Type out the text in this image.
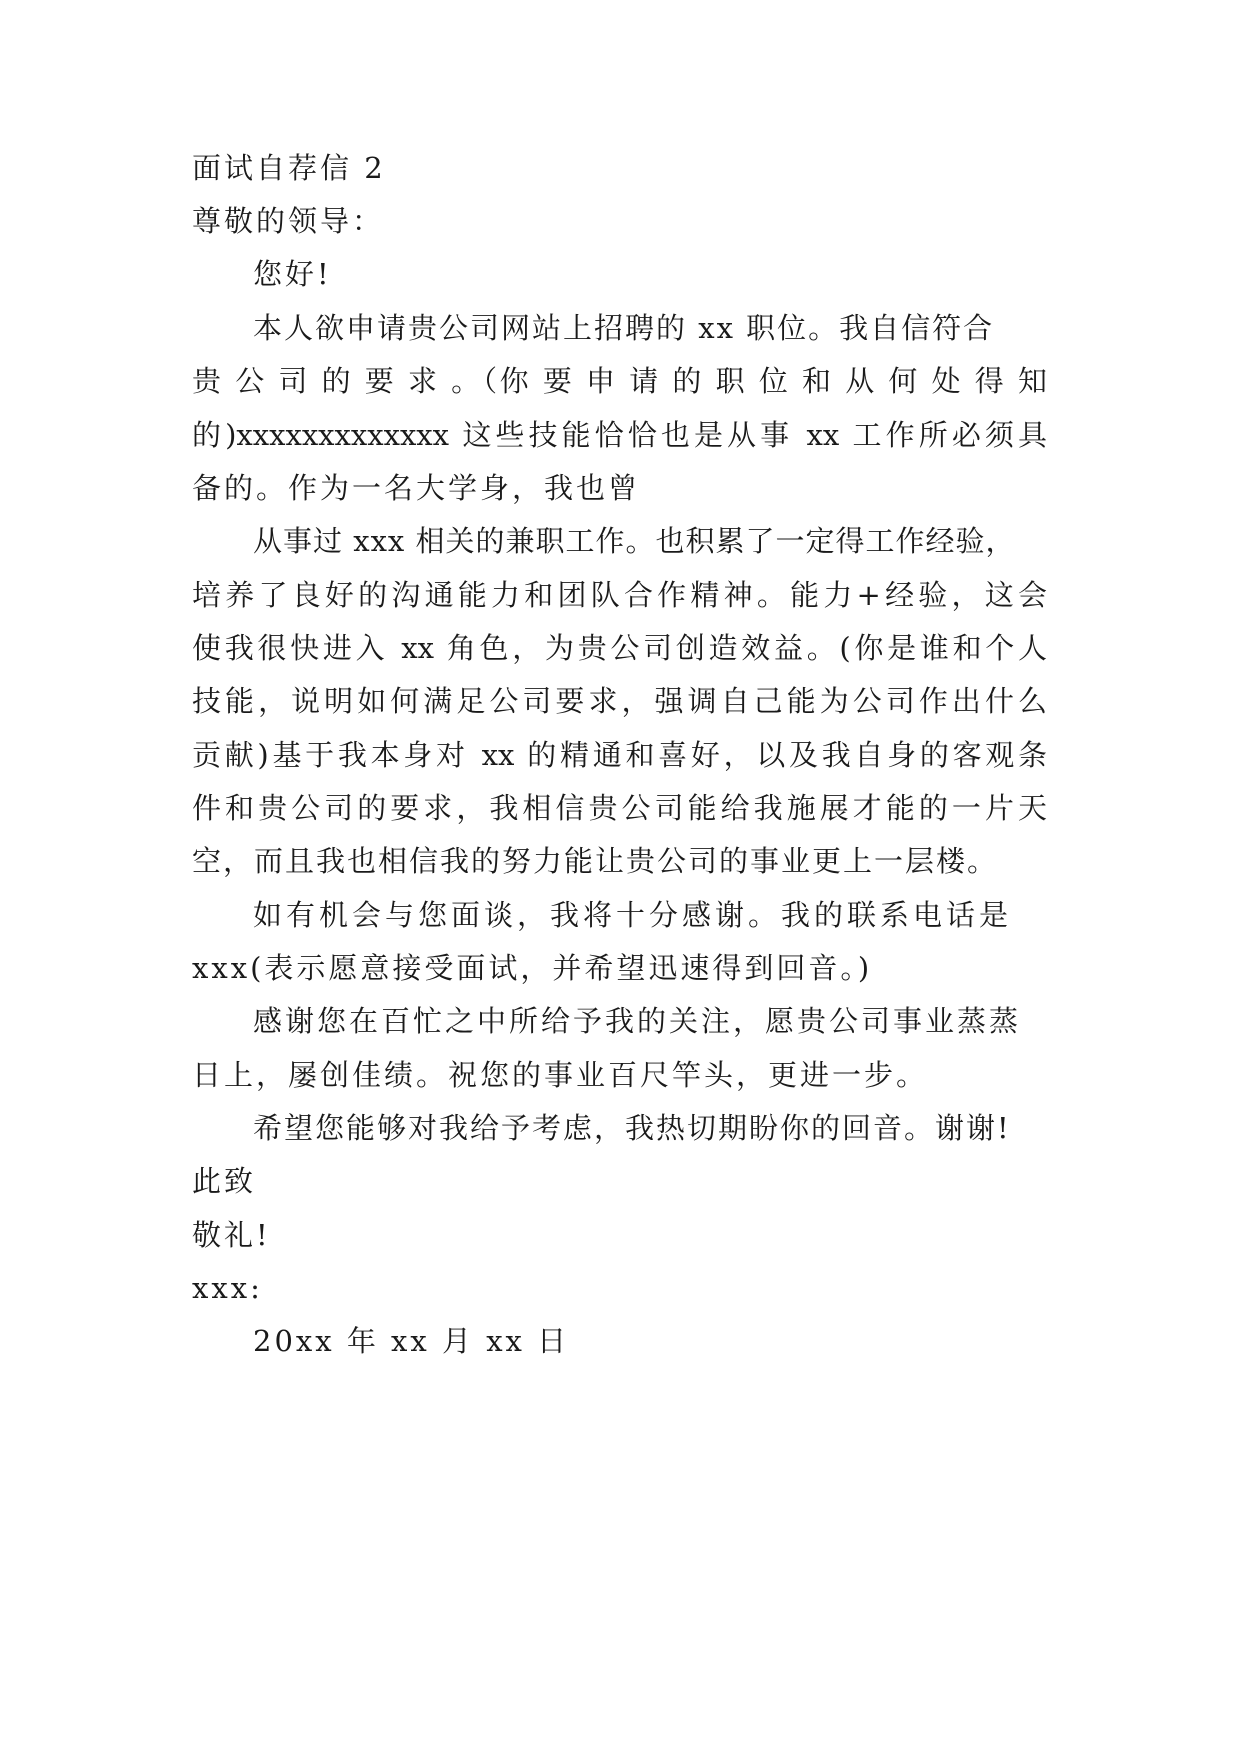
面试自荐信 2
尊敬的领导：
您好!
本人欲申请贵公司网站上招聘的 xx 职位。我自信符合
贵 公 司 的 要 求 。（你 要 申 请 的 职 位 和 从 何 处 得 知
的)xxxxxxxxxxxxx 这些技能恰恰也是从事 xx 工作所必须具
备的。作为一名大学身，我也曾
从事过 xxx 相关的兼职工作。也积累了一定得工作经验，
培养了良好的沟通能力和团队合作精神。能力+经验，这会
使我很快进入 xx 角色，为贵公司创造效益。(你是谁和个人
技能，说明如何满足公司要求，强调自己能为公司作出什么
贡献)基于我本身对 xx 的精通和喜好，以及我自身的客观条
件和贵公司的要求，我相信贵公司能给我施展才能的一片天
空，而且我也相信我的努力能让贵公司的事业更上一层楼。
如有机会与您面谈，我将十分感谢。我的联系电话是
xxx(表示愿意接受面试，并希望迅速得到回音。)
感谢您在百忙之中所给予我的关注，愿贵公司事业蒸蒸
日上，屡创佳绩。祝您的事业百尺竿头，更进一步。
希望您能够对我给予考虑，我热切期盼你的回音。谢谢!
此致
敬礼!
xxx:
20xx 年 xx 月 xx 日
